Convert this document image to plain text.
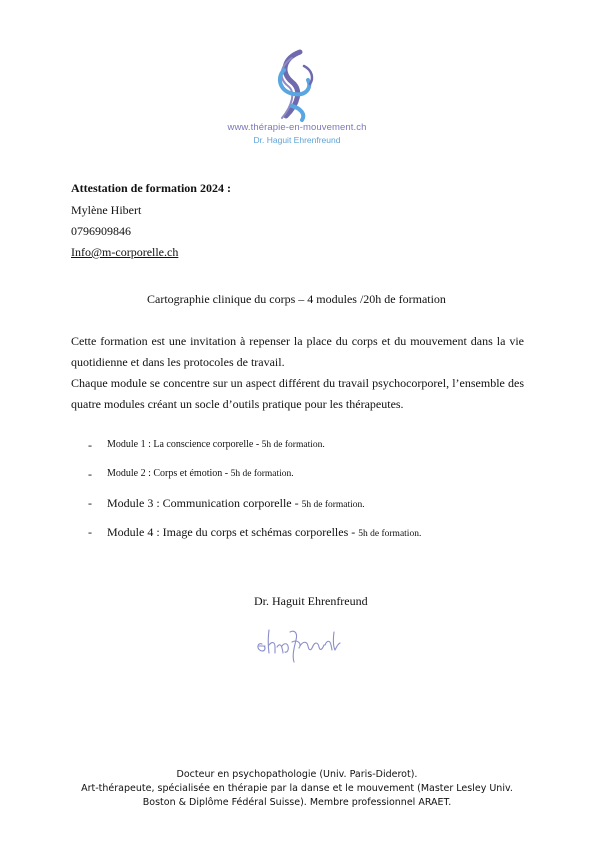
www.thérapie-en-mouvement.ch
Dr. Haguit Ehrenfreund
Attestation de formation 2024 :
Mylène Hibert
0796909846
Info@m-corporelle.ch
Cartographie clinique du corps – 4 modules /20h de formation
Cette formation est une invitation à repenser la place du corps et du mouvement dans la vie quotidienne et dans les protocoles de travail.
Chaque module se concentre sur un aspect différent du travail psychocorporel, l’ensemble des quatre modules créant un socle d’outils pratique pour les thérapeutes.
- Module 1 : La conscience corporelle - 5h de formation.
- Module 2 : Corps et émotion - 5h de formation.
- Module 3 : Communication corporelle - 5h de formation.
- Module 4 : Image du corps et schémas corporelles - 5h de formation.
Dr. Haguit Ehrenfreund
Docteur en psychopathologie (Univ. Paris-Diderot).
Art-thérapeute, spécialisée en thérapie par la danse et le mouvement (Master Lesley Univ.
Boston & Diplôme Fédéral Suisse). Membre professionnel ARAET.
